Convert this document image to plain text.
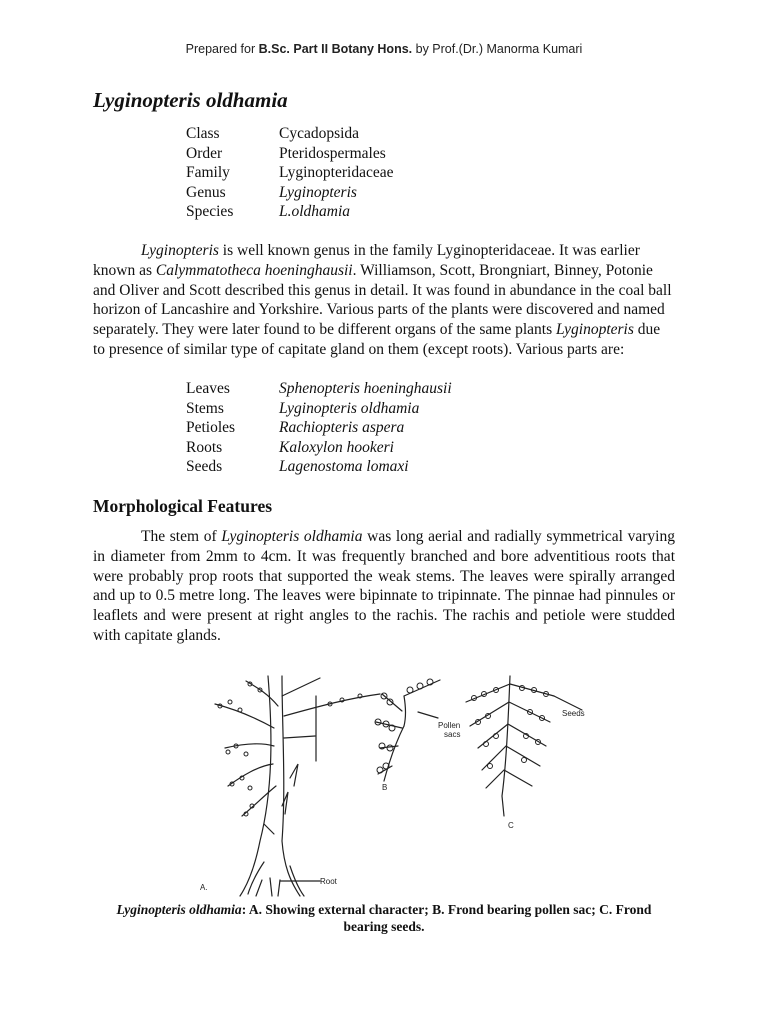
Prepared for B.Sc. Part II Botany Hons. by Prof.(Dr.) Manorma Kumari
Lyginopteris oldhamia
Class	Cycadopsida
Order	Pteridospermales
Family	Lyginopteridaceae
Genus	Lyginopteris
Species	L.oldhamia

Lyginopteris is well known genus in the family Lyginopteridaceae. It was earlier known as Calymmatotheca hoeninghausii. Williamson, Scott, Brongniart, Binney, Potonie and Oliver and Scott described this genus in detail. It was found in abundance in the coal ball horizon of Lancashire and Yorkshire. Various parts of the plants were discovered and named separately. They were later found to be different organs of the same plants Lyginopteris due to presence of similar type of capitate gland on them (except roots). Various parts are:

Leaves	Sphenopteris hoeninghausii
Stems	Lyginopteris oldhamia
Petioles	Rachiopteris aspera
Roots	Kaloxylon hookeri
Seeds	Lagenostoma lomaxi
Morphological Features

The stem of Lyginopteris oldhamia was long aerial and radially symmetrical varying in diameter from 2mm to 4cm. It was frequently branched and bore adventitious roots that were probably prop roots that supported the weak stems. The leaves were spirally arranged and up to 0.5 metre long. The leaves were bipinnate to tripinnate. The pinnae had pinnules or leaflets and were present at right angles to the rachis. The rachis and petiole were studded with capitate glands.

A.
Root
B
Pollen
sacs
C
Seeds
Lyginopteris oldhamia: A. Showing external character; B. Frond bearing pollen sac; C. Frond bearing seeds.
